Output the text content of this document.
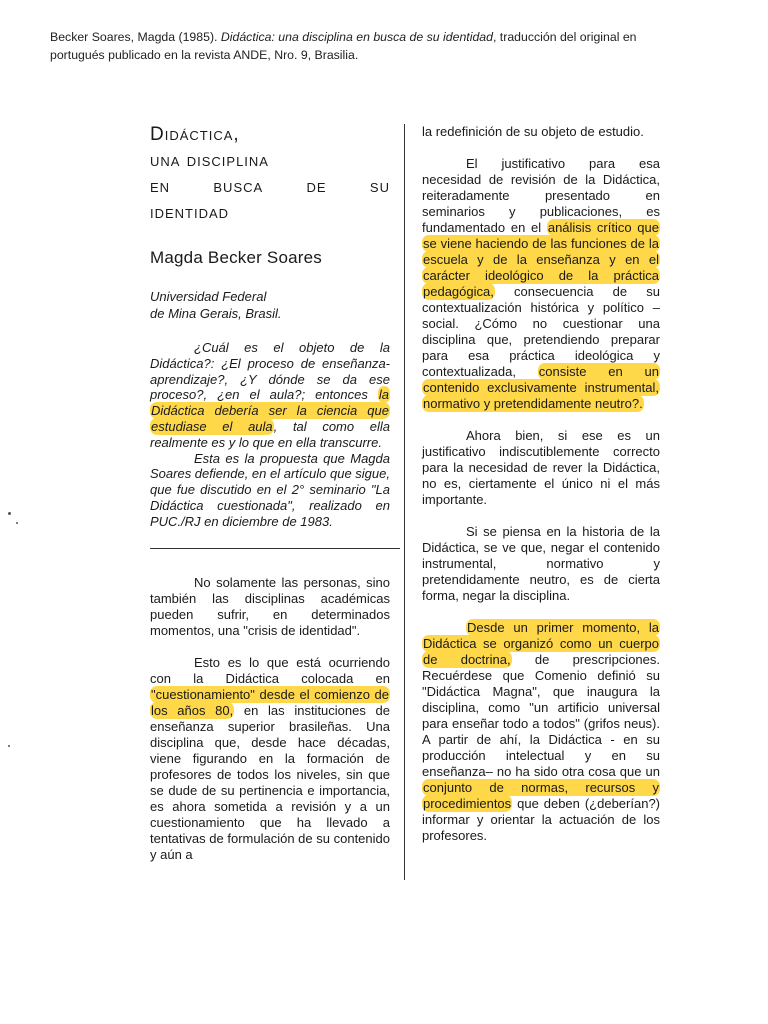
Becker Soares, Magda (1985). Didáctica: una disciplina en busca de su identidad, traducción del original en portugués publicado en la revista ANDE, Nro. 9, Brasilia.
Didáctica,
una disciplina
en busca de su
identidad
Magda Becker Soares
Universidad Federal
de Mina Gerais, Brasil.

¿Cuál es el objeto de la Didáctica?: ¿El proceso de enseñanza-aprendizaje?, ¿Y dónde se da ese proceso?, ¿en el aula?; entonces la Didáctica debería ser la ciencia que estudiase el aula, tal como ella realmente es y lo que en ella transcurre.

Esta es la propuesta que Magda Soares defiende, en el artículo que sigue, que fue discutido en el 2° seminario "La Didáctica cuestionada", realizado en PUC./RJ en diciembre de 1983.

No solamente las personas, sino también las disciplinas académicas pueden sufrir, en determinados momentos, una "crisis de identidad".

Esto es lo que está ocurriendo con la Didáctica colocada en "cuestionamiento" desde el comienzo de los años 80, en las instituciones de enseñanza superior brasileñas. Una disciplina que, desde hace décadas, viene figurando en la formación de profesores de todos los niveles, sin que se dude de su pertinencia e importancia, es ahora sometida a revisión y a un cuestionamiento que ha llevado a tentativas de formulación de su contenido y aún a

la redefinición de su objeto de estudio.

El justificativo para esa necesidad de revisión de la Didáctica, reiteradamente presentado en seminarios y publicaciones, es fundamentado en el análisis crítico que se viene haciendo de las funciones de la escuela y de la enseñanza y en el carácter ideológico de la práctica pedagógica, consecuencia de su contextualización histórica y político – social. ¿Cómo no cuestionar una disciplina que, pretendiendo preparar para esa práctica ideológica y contextualizada, consiste en un contenido exclusivamente instrumental, normativo y pretendidamente neutro?.

Ahora bien, si ese es un justificativo indiscutiblemente correcto para la necesidad de rever la Didáctica, no es, ciertamente el único ni el más importante.

Si se piensa en la historia de la Didáctica, se ve que, negar el contenido instrumental, normativo y pretendidamente neutro, es de cierta forma, negar la disciplina.

Desde un primer momento, la Didáctica se organizó como un cuerpo de doctrina, de prescripciones. Recuérdese que Comenio definió su "Didáctica Magna", que inaugura la disciplina, como "un artificio universal para enseñar todo a todos" (grifos neus). A partir de ahí, la Didáctica - en su producción intelectual y en su enseñanza– no ha sido otra cosa que un conjunto de normas, recursos y procedimientos que deben (¿deberían?) informar y orientar la actuación de los profesores.
